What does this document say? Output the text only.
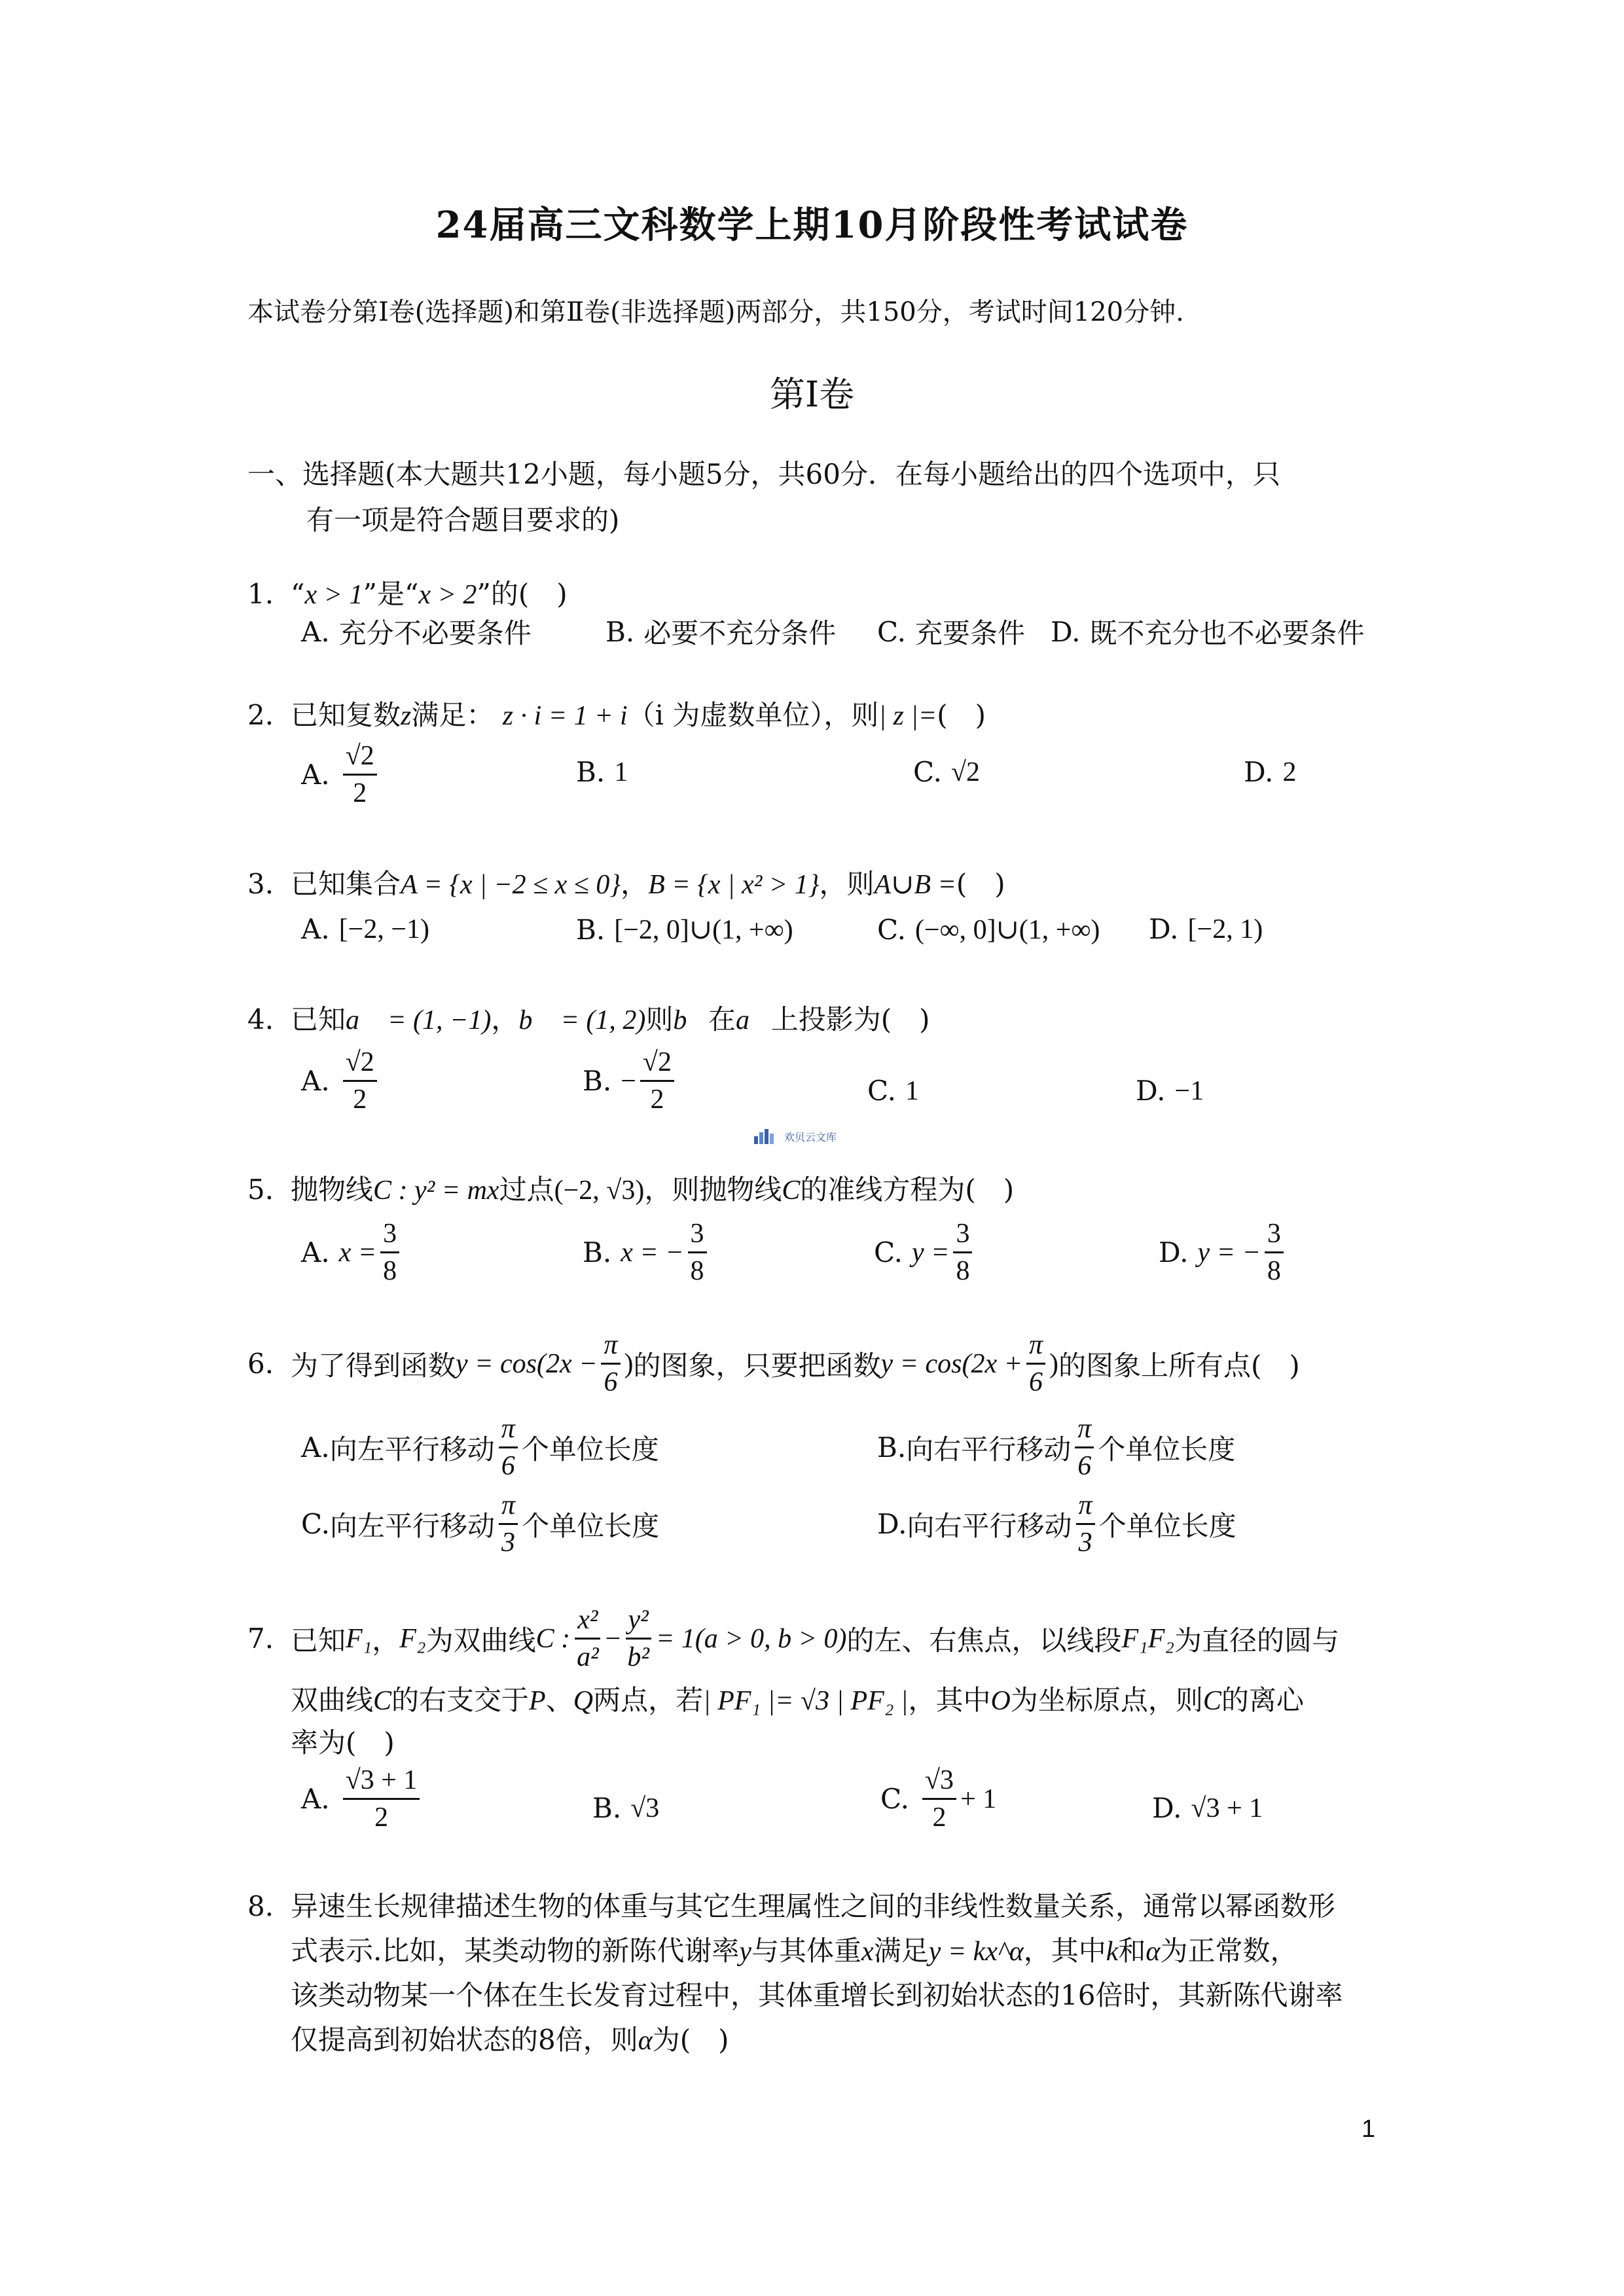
24届高三文科数学上期10月阶段性考试试卷
本试卷分第Ⅰ卷(选择题)和第Ⅱ卷(非选择题)两部分，共150分，考试时间120分钟.
第Ⅰ卷
一、选择题(本大题共12小题，每小题5分，共60分．在每小题给出的四个选项中，只
有一项是符合题目要求的)
1. “x > 1”是“x > 2”的(　)
A. 充分不必要条件	B. 必要不充分条件 C. 充要条件 D. 既不充分也不必要条件
2. 已知复数z满足： z · i = 1 + i（i 为虚数单位），则| z |=(　)
A. $\frac{√2}{2}$	B. 1	C. √2	D. 2
3. 已知集合A = {x | −2 ≤ x ≤ 0}，B = {x | x² > 1}，则A∪B =(　)
A. [−2, −1)	B. [−2, 0]∪(1, +∞)	C. (−∞, 0]∪(1, +∞) D. [−2, 1)
4. 已知a⃗ = (1, −1)，b⃗ = (1, 2)则b⃗在a⃗上投影为(　)
A. $\frac{√2}{2}$	B. − $\frac{√2}{2}$	C. 1	D. −1
欢贝云文库
5. 抛物线C : y² = mx过点(−2, √3)，则抛物线C的准线方程为(　)
A. $x = \frac{3}{8}$	B. x = − $\frac{3}{8}$	C. $y = \frac{3}{8}$	D. y = − $\frac{3}{8}$
6. 为了得到函数 $y = \cos(2x - \frac{\pi}{6}$ ) 的图象，只要把函数 $y = \cos(2x + \frac{\pi}{6}$ ) 的图象上所有点(　)
A. 向左平行移动 $\frac{\pi}{6}$ 个单位长度	B. 向右平行移动 $\frac{\pi}{6}$ 个单位长度
C. 向左平行移动 $\frac{\pi}{3}$ 个单位长度	D. 向右平行移动 $\frac{\pi}{3}$ 个单位长度
7. 已知 F₁ ， F₂ 为双曲线 C : $\frac{\text{x²}}{\text{a²}} - \frac{\text{y²}}{\text{b²}} = 1(a > 0$, b > 0) 的左、右焦点，以线段 F₁F₂ 为直径的圆与
双曲线C的右支交于P、Q两点，若| PF₁ |= √3 | PF₂ |，其中O为坐标原点，则C的离心
率为(　)
A. $\frac{√3 + 1}{2}$	B. √3	C. $\frac{√3}{2} + 1$	D. √3 + 1
8. 异速生长规律描述生物的体重与其它生理属性之间的非线性数量关系，通常以幂函数形
式表示.比如，某类动物的新陈代谢率y与其体重x满足y = kx^α，其中k和α为正常数，
该类动物某一个体在生长发育过程中，其体重增长到初始状态的16倍时，其新陈代谢率
仅提高到初始状态的8倍，则α为(　)
1
